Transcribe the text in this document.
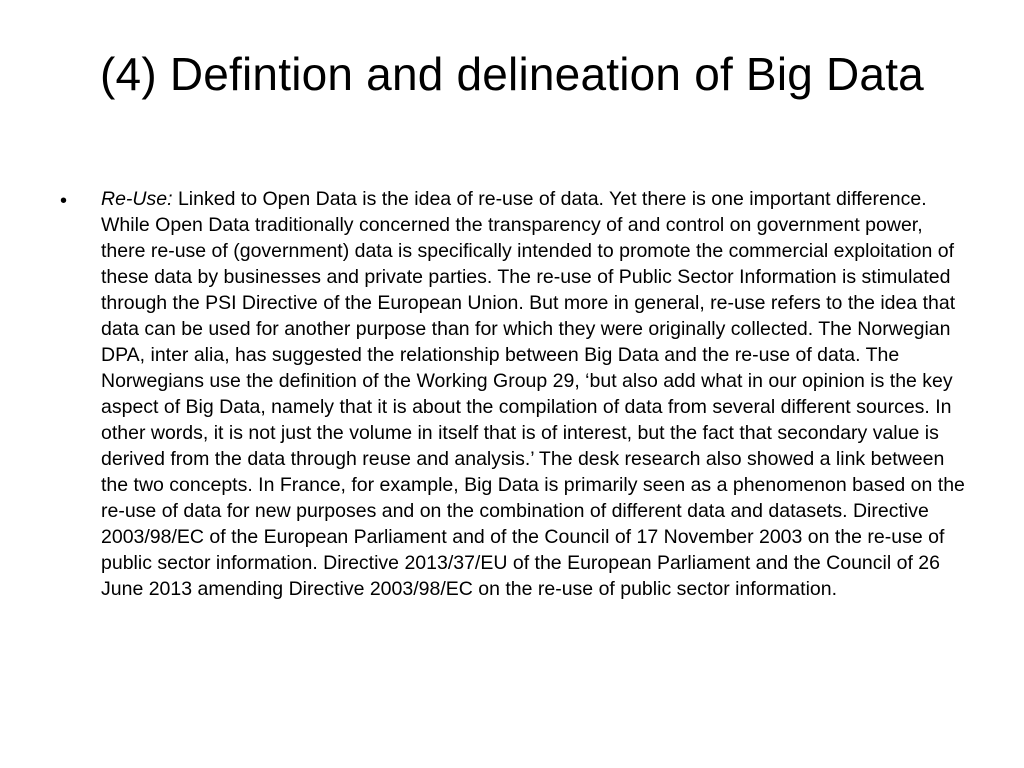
(4) Defintion and delineation of Big Data
• Re-Use: Linked to Open Data is the idea of re-use of data. Yet there is one important difference. While Open Data traditionally concerned the transparency of and control on government power, there re-use of (government) data is specifically intended to promote the commercial exploitation of these data by businesses and private parties. The re-use of Public Sector Information is stimulated through the PSI Directive of the European Union. But more in general, re-use refers to the idea that data can be used for another purpose than for which they were originally collected. The Norwegian DPA, inter alia, has suggested the relationship between Big Data and the re-use of data. The Norwegians use the definition of the Working Group 29, ‘but also add what in our opinion is the key aspect of Big Data, namely that it is about the compilation of data from several different sources. In other words, it is not just the volume in itself that is of interest, but the fact that secondary value is derived from the data through reuse and analysis.’ The desk research also showed a link between the two concepts. In France, for example, Big Data is primarily seen as a phenomenon based on the re-use of data for new purposes and on the combination of different data and datasets. Directive 2003/98/EC of the European Parliament and of the Council of 17 November 2003 on the re-use of public sector information. Directive 2013/37/EU of the European Parliament and the Council of 26 June 2013 amending Directive 2003/98/EC on the re-use of public sector information.
